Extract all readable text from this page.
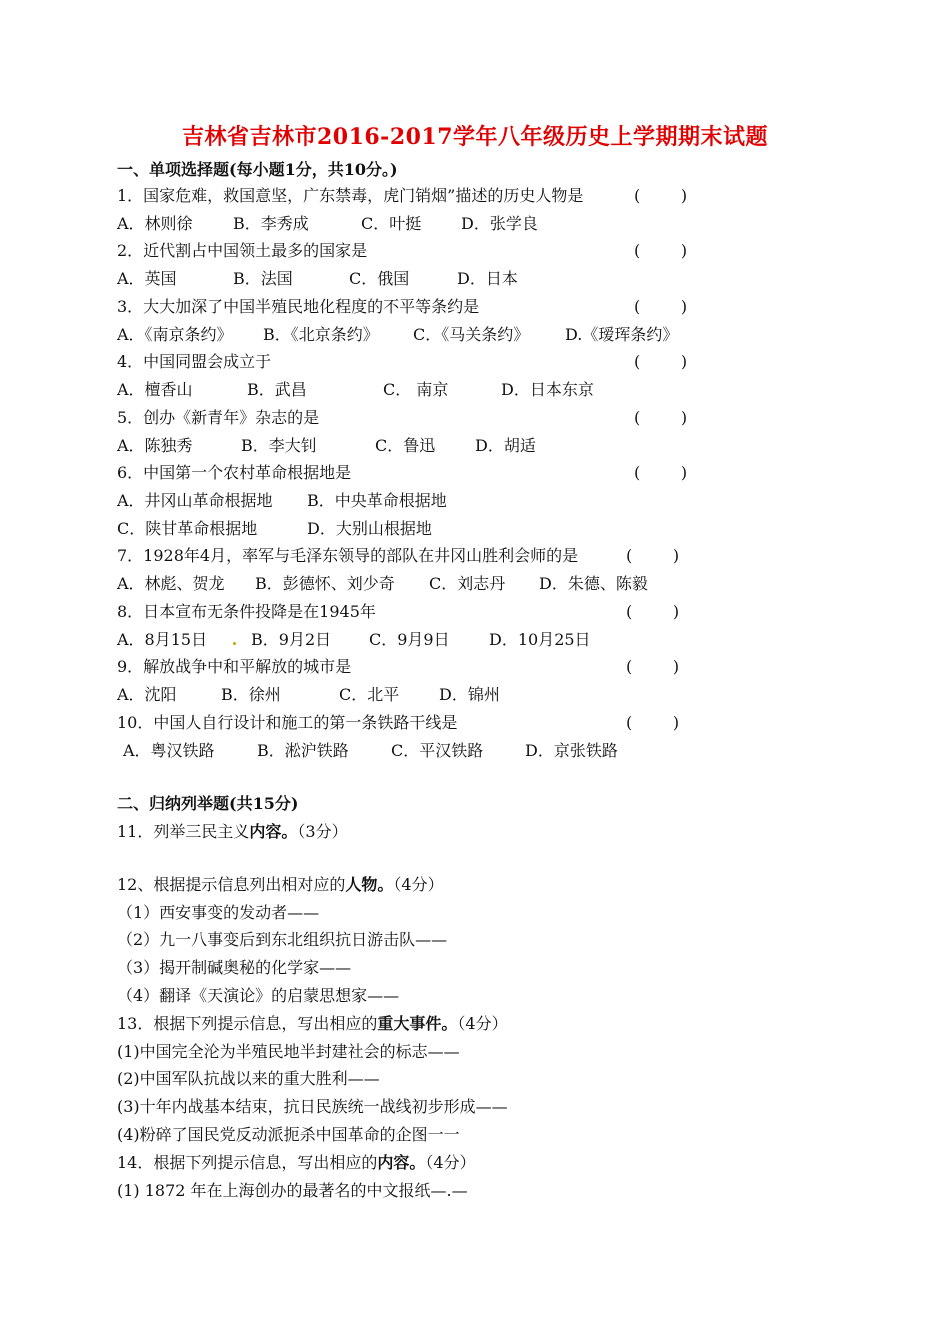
吉林省吉林市2016-2017学年八年级历史上学期期末试题
一、单项选择题(每小题1分，共10分。)
1．国家危难，救国意坚，广东禁毒，虎门销烟”描述的历史人物是	(        )
A．林则徐	B．李秀成	C．叶挺 D．张学良
2．近代割占中国领土最多的国家是	(        )
A．英国	B．法国	C．俄国	D．日本
3．大大加深了中国半殖民地化程度的不平等条约是	(        )
A．《南京条约》 B．《北京条约》 C．《马关条约》 D.《瑷珲条约》
4．中国同盟会成立于	(        )
A．檀香山	B．武昌	C． 南京	D．日本东京
5．创办《新青年》杂志的是	(        )
A．陈独秀	B．李大钊	C．鲁迅 D．胡适
6．中国第一个农村革命根据地是	(        )
A．井冈山革命根据地 B．中央革命根据地
C．陕甘革命根据地	D．大别山根据地
7．1928年4月，率军与毛泽东领导的部队在井冈山胜利会师的是	(        )
A．林彪、贺龙 B．彭德怀、刘少奇 C．刘志丹 D．朱德、陈毅
8．日本宣布无条件投降是在1945年	(        )
A．8月15日	B．9月2日 C．9月9日 D．10月25日
9．解放战争中和平解放的城市是	(        )
A．沈阳	B．徐州	C．北平 D．锦州
10．中国人自行设计和施工的第一条铁路干线是	(        )
A．粤汉铁路	B．淞沪铁路	C．平汉铁路	D．京张铁路
二、归纳列举题(共15分)
11．列举三民主义内容。（3分）
12、根据提示信息列出相对应的人物。（4分）
（1）西安事变的发动者——
（2）九一八事变后到东北组织抗日游击队——
（3）揭开制碱奥秘的化学家——
（4）翻译《天演论》的启蒙思想家——
13．根据下列提示信息，写出相应的重大事件。（4分）
(1)中国完全沦为半殖民地半封建社会的标志——
(2)中国军队抗战以来的重大胜利——
(3)十年内战基本结束，抗日民族统一战线初步形成——
(4)粉碎了国民党反动派扼杀中国革命的企图一一
14．根据下列提示信息，写出相应的内容。（4分）
(1) 1872 年在上海创办的最著名的中文报纸—.—
